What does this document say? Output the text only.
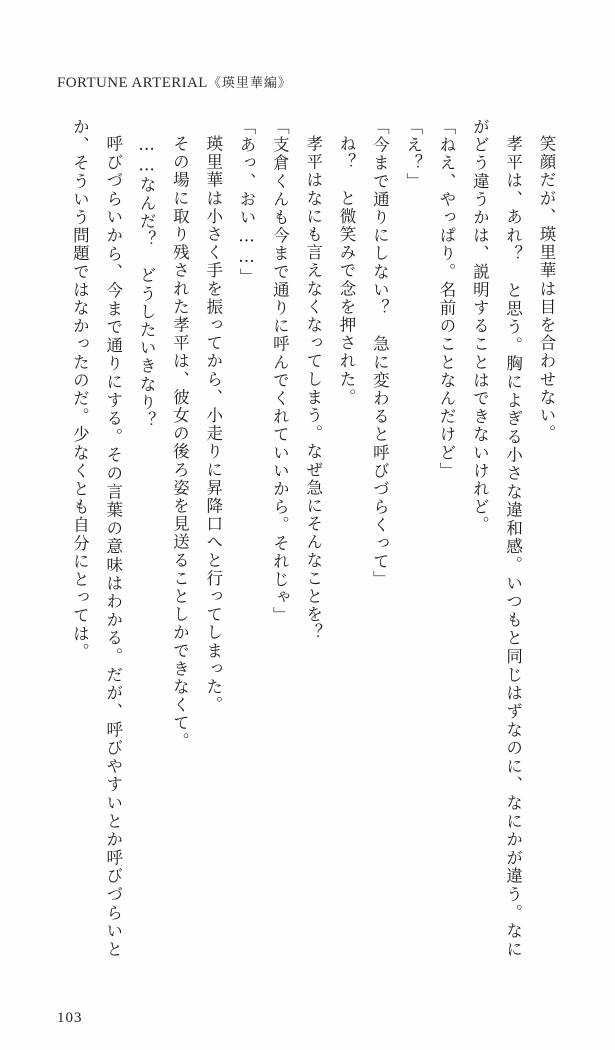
FORTUNE ARTERIAL《瑛里華編》

笑顔だが、瑛里華は目を合わせない。

孝平は、あれ？　と思う。胸によぎる小さな違和感。いつもと同じはずなのに、なにかが違う。なにがどう違うかは、説明することはできないけれど。

「ねえ、やっぱり。名前のことなんだけど」

「え？」

「今まで通りにしない？　急に変わると呼びづらくって」

ね？　と微笑みで念を押された。

孝平はなにも言えなくなってしまう。なぜ急にそんなことを？

「支倉くんも今まで通りに呼んでくれていいから。それじゃ」

「あっ、おい……」

瑛里華は小さく手を振ってから、小走りに昇降口へと行ってしまった。

その場に取り残された孝平は、彼女の後ろ姿を見送ることしかできなくて。

……なんだ？　どうしたいきなり？

呼びづらいから、今まで通りにする。その言葉の意味はわかる。だが、呼びやすいとか呼びづらいとか、そういう問題ではなかったのだ。少なくとも自分にとっては。

103
